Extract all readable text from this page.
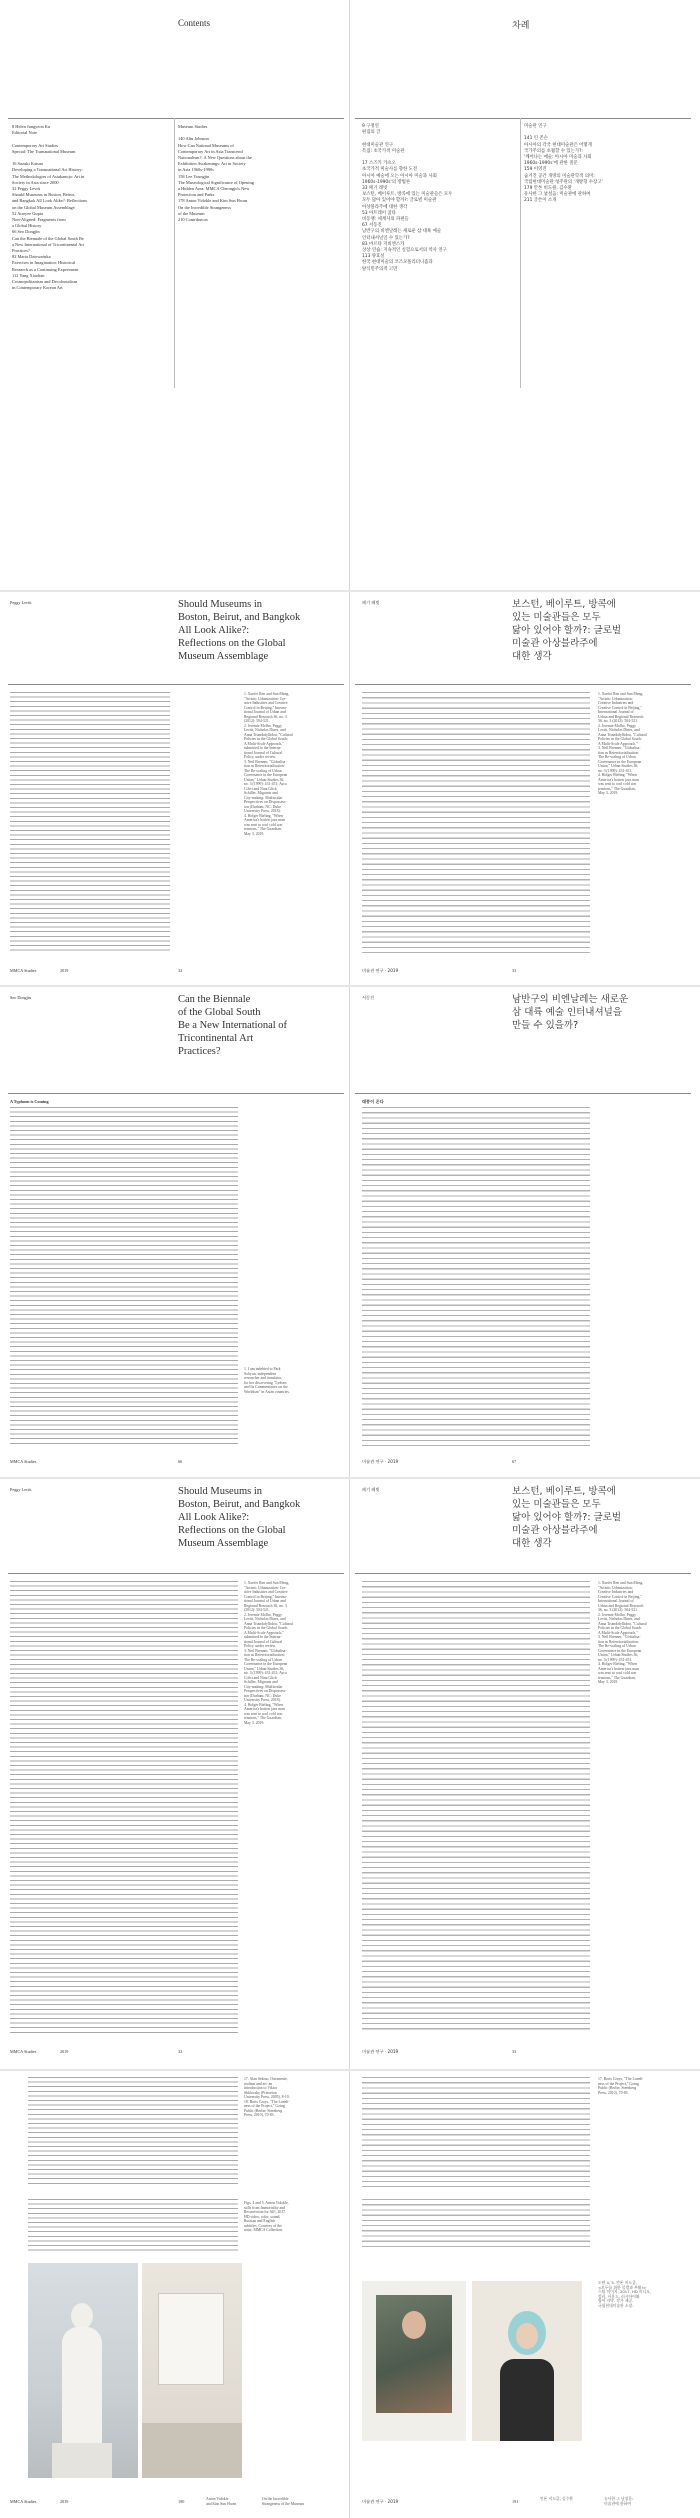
Contents	차례

8 Helen Jungyeon Ku
Editorial Note

Contemporary Art Studies
Special: The Transnational Museum

16 Suzuki Katsuo
Developing a Transnational Art History:
The Methodologies of Asiakanojo: Art in
Society in Asia since 2000
32 Peggy Levitt
Should Museums in Boston, Beirut,
and Bangkok All Look Alike?: Reflections
on the Global Museum Assemblage
52 Atreyee Gupta
Non-Aligned: Fragments from
a Global History
66 Seo Dongjin
Can the Biennale of the Global South Be
a New International of Tricontinental Art
Practices?
82 Marta Dziewańska
Exercises in Imagination: Historical
Research as a Continuing Experiment
112 Yang Xiaohan
Cosmopolitanism and Decolonialism
in Contemporary Korean Art

Museum Studies

140 Alin Johnson
How Can National Museums of
Contemporary Art in Asia Transcend
Nationalism?: A New Questions about the
Exhibition Awakenings: Art in Society
in Asia 1960s-1990s
158 Lee Youngjin
The Museological Significance of Opening
a Hidden Area: MMCA Cheongju's New
Protection and Parks
178 Anton Vidokle and Kim Sun Hwan
On the Incredible Strangeness
of the Museum
210 Contributors

9 구정연
편집의 글

현대미술관 연구
특집: 초국가적 미술관

17 스즈키 가츠오
초국가적 미술사를 향한 도전
아시아 예술에 오는 아시아 미술과 사회
1960s-1990s'의 방법론
33 페기 레빗
보스턴, 베이루트, 방콕에 있는 미술관들은 모두
모두 닮아 있어야 할까?: 글로벌 미술관
아상블라주에 대한 생각
53 아트레이 굽타
비동맹: 세계사의 파편들
67 서동진
남반구의 비엔날레는 새로운 삼 대륙 예술
인터내셔널일 수 있는가?
83 마르타 지비엔스카
상상 연습: 지속적인 실험으로서의 역사 연구
113 양효실
한국 현대미술의 코즈모폴리터니즘과
탈식민주의적 고민

미술관 연구

141 린 존슨
아시아의 각국 현대미술관은 어떻게
국가주의를 초월할 수 있는가?:
'깨어나는 예술: 아시아 미술과 사회
1960s-1990s'에 관한 질문
159 이영진
숨겨진 공간 개방의 미술관학적 의미:
국립현대미술관 청주관의 '개방형 수장고'
179 안톤 비도클, 김수환
유사한 그 낯설음: 미술관에 관하여
211 글쓴이 소개

Peggy Levitt	Should Museums in
Boston, Beirut, and Bangkok
All Look Alike?:
Reflections on the Global
Museum Assemblage

페기 레빗	보스턴, 베이루트, 방콕에
있는 미술관들은 모두
닮아 있어야 할까?: 글로벌
미술관 아상블라주에
대한 생각

1. Xuefei Ren and Sun Meng,
"Artistic Urbanization: Cre-
ative Industries and Creative
Control in Beijing," Interna-
tional Journal of Urban and
Regional Research 36, no. 3
(2012): 504-521.
2. Jeremie Molho, Peggy
Levitt, Nicholas Dines, and
Anna Triandafyllidou, "Cultural
Policies in the Global South:
A Multi-Scale Approach,"
submitted to the Interna-
tional Journal of Cultural
Policy, under review.
3. Neil Brenner, "Globalisa-
tion as Reterritorialisation:
The Re-scaling of Urban
Governance in the European
Union," Urban Studies 36,
no. 3 (1999): 431-451; Ayca
Ciftci and Nina Glick
Schiller, Migrants and
City-making: Multiscalar
Perspectives on Dispossess-
ion (Durham, NC: Duke
University Press, 2018).
4. Holger Bieling, "When
America's hottest jazz man
was sent to cool cold war
tensions," The Guardian,
May 3, 2019.

1. Xuefei Ren and Sun Meng,
"Artistic Urbanization:
Creative Industries and
Creative Control in Beijing,"
International Journal of
Urban and Regional Research
36, no. 3 (2012): 504-521.
2. Jeremie Molho, Peggy
Levitt, Nicholas Dines, and
Anna Triandafyllidou, "Cultural
Policies in the Global South:
A Multi-Scale Approach."
3. Neil Brenner, "Globalisa-
tion as Reterritorialisation:
The Re-scaling of Urban
Governance in the European
Union," Urban Studies 36,
no. 3 (1999): 431-451.
4. Holger Bieling, "When
America's hottest jazz man
was sent to cool cold war
tensions," The Guardian,
May 3, 2019.

MMCA Studies	2019	32	미술관 연구 · 2019	33

Seo Dongjin	Can the Biennale
of the Global South
Be a New International of
Tricontinental Art
Practices?

서동진	남반구의 비엔날레는 새로운
삼 대륙 예술 인터내셔널을
만들 수 있을까?

A Typhoon is Coming	태풍이 온다

1. I am indebted to Park
Sohyun, independent
researcher and translator,
for her discovering "Lydsen
and Its Commentaries on the
Worldism" in Asian countries.

MMCA Studies	66	미술관 연구 · 2019	67

Peggy Levitt	Should Museums in
Boston, Beirut, and Bangkok
All Look Alike?:
Reflections on the Global
Museum Assemblage

페기 레빗	보스턴, 베이루트, 방콕에
있는 미술관들은 모두
닮아 있어야 할까?: 글로벌
미술관 아상블라주에
대한 생각

1. Xuefei Ren and Sun Meng,
"Artistic Urbanization: Cre-
ative Industries and Creative
Control in Beijing," Interna-
tional Journal of Urban and
Regional Research 36, no. 3
(2012): 504-521.
2. Jeremie Molho, Peggy
Levitt, Nicholas Dines, and
Anna Triandafyllidou, "Cultural
Policies in the Global South:
A Multi-Scale Approach,"
submitted to the Interna-
tional Journal of Cultural
Policy, under review.
3. Neil Brenner, "Globalisa-
tion as Reterritorialisation:
The Re-scaling of Urban
Governance in the European
Union," Urban Studies 36,
no. 3 (1999): 431-451; Ayca
Ciftci and Nina Glick
Schiller, Migrants and
City-making: Multiscalar
Perspectives on Dispossess-
ion (Durham, NC: Duke
University Press, 2018).
4. Holger Bieling, "When
America's hottest jazz man
was sent to cool cold war
tensions," The Guardian,
May 3, 2019.

1. Xuefei Ren and Sun Meng,
"Artistic Urbanization:
Creative Industries and
Creative Control in Beijing,"
International Journal of
Urban and Regional Research
36, no. 3 (2012): 504-521.
2. Jeremie Molho, Peggy
Levitt, Nicholas Dines, and
Anna Triandafyllidou, "Cultural
Policies in the Global South:
A Multi-Scale Approach."
3. Neil Brenner, "Globalisa-
tion as Reterritorialisation:
The Re-scaling of Urban
Governance in the European
Union," Urban Studies 36,
no. 3 (1999): 431-451.
4. Holger Bieling, "When
America's hottest jazz man
was sent to cool cold war
tensions," The Guardian,
May 3, 2019.

MMCA Studies	2019	32	미술관 연구 · 2019	33

17. Alan Sekino, Ostranenie,
realism and art: an
introduction to Viktor
Shklovsky (Princeton
University Press, 2005), 8-10.
18. Boris Groys, "The Loneli-
ness of the Project," Going
Public (Berlin: Sternberg
Press, 2010), 70-83.

Figs. 4 and 5. Anton Vidokle,
stills from Immortality and
Resurrection for All!, 2017.
HD video, color, sound,
Russian and English
subtitles. Courtesy of the
artist. MMCA Collection.

17. Boris Groys, "The Loneli-
ness of the Project," Going
Public (Berlin: Sternberg
Press, 2010), 70-83.

도판 4, 5. 안톤 비도클,
<모두를 위한 불멸과 부활!>
스틸 이미지, 2017. HD 비디오,
컬러, 사운드, 러시아어와
영어 자막. 작가 제공.
국립현대미술관 소장.

MMCA Studies	2019	190	Anton Vidokle
and Kim Sun Hwan

On the Incredible
Strangeness of the Museum	미술관 연구 · 2019	191

안톤 비도클, 김수환	유사한 그 낯설음:
미술관에 관하여
